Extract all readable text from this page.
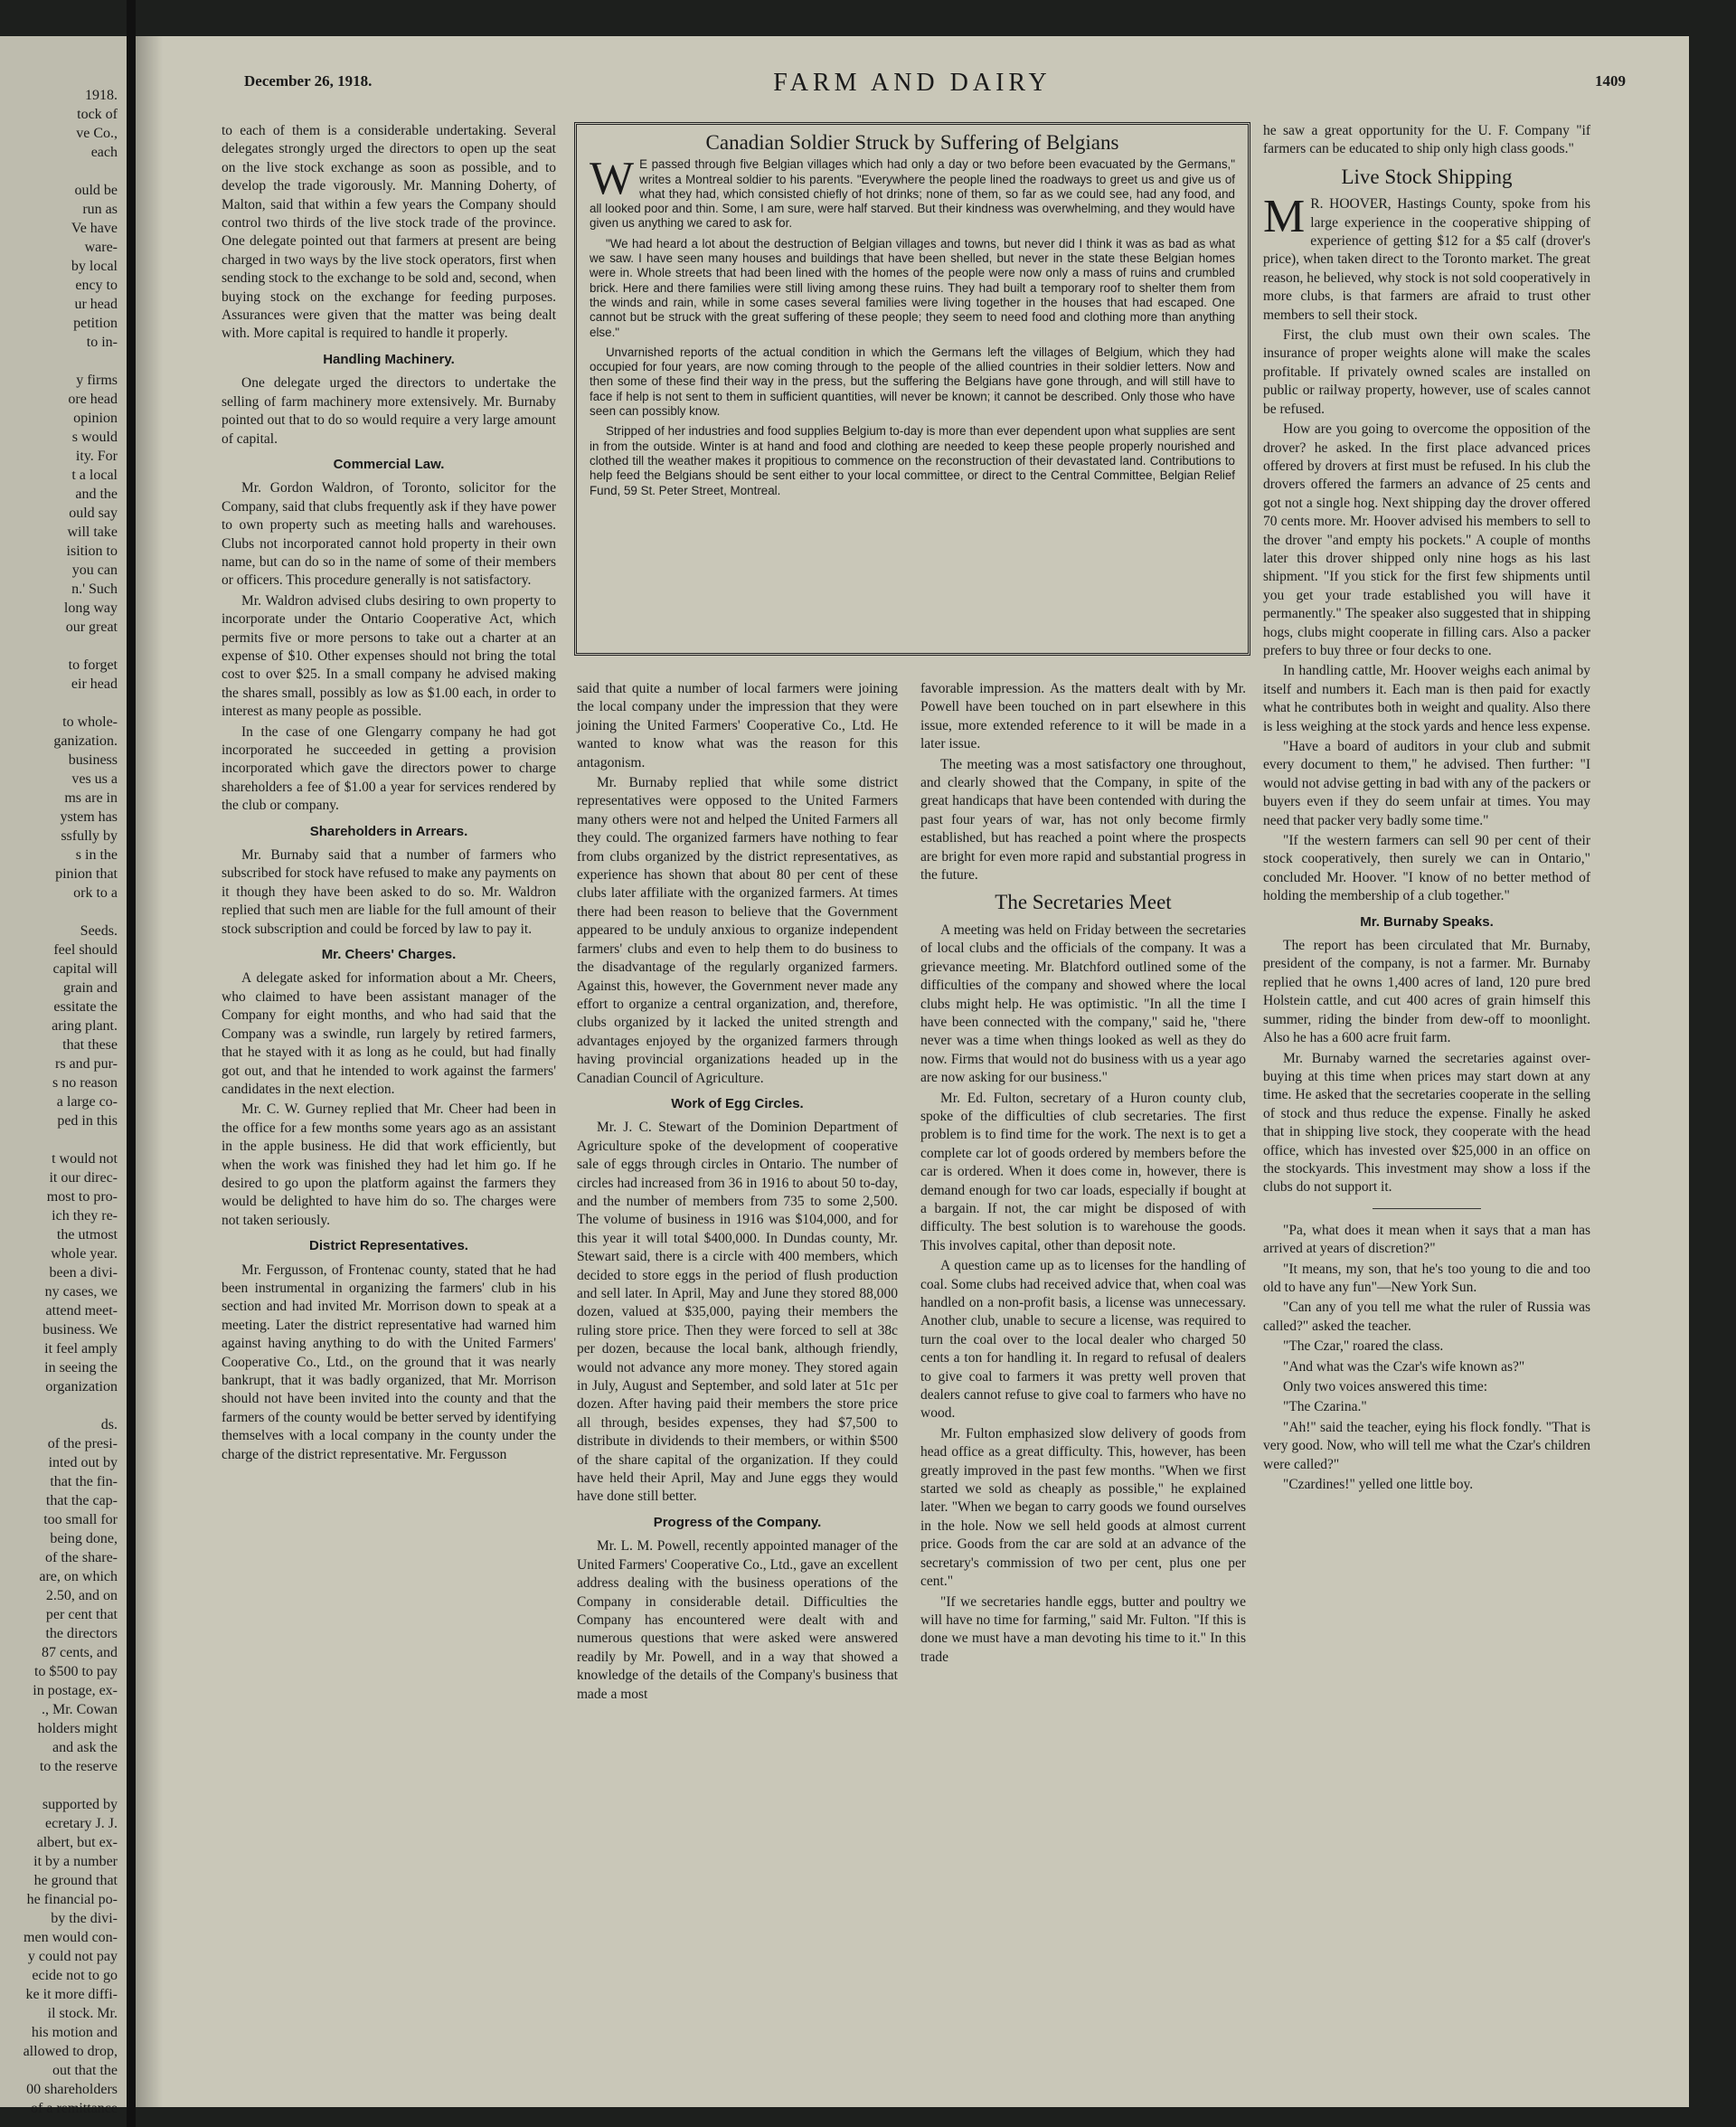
1918.
tock of
ve Co.,
each

ould be
run as
Ve have
ware-
by local
ency to
ur head
petition
to in-

y firms
ore head
opinion
s would
ity. For
t a local
and the
ould say
will take
isition to
you can
n.' Such
long way
our great

to forget
eir head

to whole-
ganization.
business
ves us a
ms are in
ystem has
ssfully by
s in the
pinion that
ork to a

Seeds.
feel should
capital will
grain and
essitate the
aring plant.
that these
rs and pur-
s no reason
a large co-
ped in this

t would not
it our direc-
most to pro-
ich they re-
the utmost
whole year.
been a divi-
ny cases, we
attend meet-
business. We
it feel amply
in seeing the
organization

ds.
of the presi-
inted out by
that the fin-
that the cap-
too small for
being done,
of the share-
are, on which
2.50, and on
per cent that
the directors
87 cents, and
to $500 to pay
in postage, ex-
., Mr. Cowan
holders might
and ask the
to the reserve

supported by
ecretary J. J.
albert, but ex-
it by a number
he ground that
he financial po-
by the divi-
men would con-
y could not pay
ecide not to go
ke it more diffi-
il stock. Mr.
his motion and
allowed to drop,
out that the
00 shareholders
of a remittance
December 26, 1918.	FARM AND DAIRY	1409

to each of them is a considerable undertaking. Several delegates strongly urged the directors to open up the seat on the live stock exchange as soon as possible, and to develop the trade vigorously. Mr. Manning Doherty, of Malton, said that within a few years the Company should control two thirds of the live stock trade of the province. One delegate pointed out that farmers at present are being charged in two ways by the live stock operators, first when sending stock to the exchange to be sold and, second, when buying stock on the exchange for feeding purposes. Assurances were given that the matter was being dealt with. More capital is required to handle it properly.

Handling Machinery.

One delegate urged the directors to undertake the selling of farm machinery more extensively. Mr. Burnaby pointed out that to do so would require a very large amount of capital.

Commercial Law.

Mr. Gordon Waldron, of Toronto, solicitor for the Company, said that clubs frequently ask if they have power to own property such as meeting halls and warehouses. Clubs not incorporated cannot hold property in their own name, but can do so in the name of some of their members or officers. This procedure generally is not satisfactory.

Mr. Waldron advised clubs desiring to own property to incorporate under the Ontario Cooperative Act, which permits five or more persons to take out a charter at an expense of $10. Other expenses should not bring the total cost to over $25. In a small company he advised making the shares small, possibly as low as $1.00 each, in order to interest as many people as possible.

In the case of one Glengarry company he had got incorporated he succeeded in getting a provision incorporated which gave the directors power to charge shareholders a fee of $1.00 a year for services rendered by the club or company.

Shareholders in Arrears.

Mr. Burnaby said that a number of farmers who subscribed for stock have refused to make any payments on it though they have been asked to do so. Mr. Waldron replied that such men are liable for the full amount of their stock subscription and could be forced by law to pay it.

Mr. Cheers' Charges.

A delegate asked for information about a Mr. Cheers, who claimed to have been assistant manager of the Company for eight months, and who had said that the Company was a swindle, run largely by retired farmers, that he stayed with it as long as he could, but had finally got out, and that he intended to work against the farmers' candidates in the next election.

Mr. C. W. Gurney replied that Mr. Cheer had been in the office for a few months some years ago as an assistant in the apple business. He did that work efficiently, but when the work was finished they had let him go. If he desired to go upon the platform against the farmers they would be delighted to have him do so. The charges were not taken seriously.

District Representatives.

Mr. Fergusson, of Frontenac county, stated that he had been instrumental in organizing the farmers' club in his section and had invited Mr. Morrison down to speak at a meeting. Later the district representative had warned him against having anything to do with the United Farmers' Cooperative Co., Ltd., on the ground that it was nearly bankrupt, that it was badly organized, that Mr. Morrison should not have been invited into the county and that the farmers of the county would be better served by identifying themselves with a local company in the county under the charge of the district representative. Mr. Fergusson

Canadian Soldier Struck by Suffering of Belgians

W E passed through five Belgian villages which had only a day or two before been evacuated by the Germans," writes a Montreal soldier to his parents. "Everywhere the people lined the roadways to greet us and give us of what they had, which consisted chiefly of hot drinks; none of them, so far as we could see, had any food, and all looked poor and thin. Some, I am sure, were half starved. But their kindness was overwhelming, and they would have given us anything we cared to ask for.

"We had heard a lot about the destruction of Belgian villages and towns, but never did I think it was as bad as what we saw. I have seen many houses and buildings that have been shelled, but never in the state these Belgian homes were in. Whole streets that had been lined with the homes of the people were now only a mass of ruins and crumbled brick. Here and there families were still living among these ruins. They had built a temporary roof to shelter them from the winds and rain, while in some cases several families were living together in the houses that had escaped. One cannot but be struck with the great suffering of these people; they seem to need food and clothing more than anything else."

Unvarnished reports of the actual condition in which the Germans left the villages of Belgium, which they had occupied for four years, are now coming through to the people of the allied countries in their soldier letters. Now and then some of these find their way in the press, but the suffering the Belgians have gone through, and will still have to face if help is not sent to them in sufficient quantities, will never be known; it cannot be described. Only those who have seen can possibly know.

Stripped of her industries and food supplies Belgium to-day is more than ever dependent upon what supplies are sent in from the outside. Winter is at hand and food and clothing are needed to keep these people properly nourished and clothed till the weather makes it propitious to commence on the reconstruction of their devastated land. Contributions to help feed the Belgians should be sent either to your local committee, or direct to the Central Committee, Belgian Relief Fund, 59 St. Peter Street, Montreal.

said that quite a number of local farmers were joining the local company under the impression that they were joining the United Farmers' Cooperative Co., Ltd. He wanted to know what was the reason for this antagonism.

Mr. Burnaby replied that while some district representatives were opposed to the United Farmers many others were not and helped the United Farmers all they could. The organized farmers have nothing to fear from clubs organized by the district representatives, as experience has shown that about 80 per cent of these clubs later affiliate with the organized farmers. At times there had been reason to believe that the Government appeared to be unduly anxious to organize independent farmers' clubs and even to help them to do business to the disadvantage of the regularly organized farmers. Against this, however, the Government never made any effort to organize a central organization, and, therefore, clubs organized by it lacked the united strength and advantages enjoyed by the organized farmers through having provincial organizations headed up in the Canadian Council of Agriculture.

Work of Egg Circles.

Mr. J. C. Stewart of the Dominion Department of Agriculture spoke of the development of cooperative sale of eggs through circles in Ontario. The number of circles had increased from 36 in 1916 to about 50 to-day, and the number of members from 735 to some 2,500. The volume of business in 1916 was $104,000, and for this year it will total $400,000. In Dundas county, Mr. Stewart said, there is a circle with 400 members, which decided to store eggs in the period of flush production and sell later. In April, May and June they stored 88,000 dozen, valued at $35,000, paying their members the ruling store price. Then they were forced to sell at 38c per dozen, because the local bank, although friendly, would not advance any more money. They stored again in July, August and September, and sold later at 51c per dozen. After having paid their members the store price all through, besides expenses, they had $7,500 to distribute in dividends to their members, or within $500 of the share capital of the organization. If they could have held their April, May and June eggs they would have done still better.

Progress of the Company.

Mr. L. M. Powell, recently appointed manager of the United Farmers' Cooperative Co., Ltd., gave an excellent address dealing with the business operations of the Company in considerable detail. Difficulties the Company has encountered were dealt with and numerous questions that were asked were answered readily by Mr. Powell, and in a way that showed a knowledge of the details of the Company's business that made a most

favorable impression. As the matters dealt with by Mr. Powell have been touched on in part elsewhere in this issue, more extended reference to it will be made in a later issue.

The meeting was a most satisfactory one throughout, and clearly showed that the Company, in spite of the great handicaps that have been contended with during the past four years of war, has not only become firmly established, but has reached a point where the prospects are bright for even more rapid and substantial progress in the future.

The Secretaries Meet

A meeting was held on Friday between the secretaries of local clubs and the officials of the company. It was a grievance meeting. Mr. Blatchford outlined some of the difficulties of the company and showed where the local clubs might help. He was optimistic. "In all the time I have been connected with the company," said he, "there never was a time when things looked as well as they do now. Firms that would not do business with us a year ago are now asking for our business."

Mr. Ed. Fulton, secretary of a Huron county club, spoke of the difficulties of club secretaries. The first problem is to find time for the work. The next is to get a complete car lot of goods ordered by members before the car is ordered. When it does come in, however, there is demand enough for two car loads, especially if bought at a bargain. If not, the car might be disposed of with difficulty. The best solution is to warehouse the goods. This involves capital, other than deposit note.

A question came up as to licenses for the handling of coal. Some clubs had received advice that, when coal was handled on a non-profit basis, a license was unnecessary. Another club, unable to secure a license, was required to turn the coal over to the local dealer who charged 50 cents a ton for handling it. In regard to refusal of dealers to give coal to farmers it was pretty well proven that dealers cannot refuse to give coal to farmers who have no wood.

Mr. Fulton emphasized slow delivery of goods from head office as a great difficulty. This, however, has been greatly improved in the past few months. "When we first started we sold as cheaply as possible," he explained later. "When we began to carry goods we found ourselves in the hole. Now we sell held goods at almost current price. Goods from the car are sold at an advance of the secretary's commission of two per cent, plus one per cent."

"If we secretaries handle eggs, butter and poultry we will have no time for farming," said Mr. Fulton. "If this is done we must have a man devoting his time to it." In this trade

he saw a great opportunity for the U. F. Company "if farmers can be educated to ship only high class goods."

Live Stock Shipping

M R. HOOVER, Hastings County, spoke from his large experience in the cooperative shipping of experience of getting $12 for a $5 calf (drover's price), when taken direct to the Toronto market. The great reason, he believed, why stock is not sold cooperatively in more clubs, is that farmers are afraid to trust other members to sell their stock.

First, the club must own their own scales. The insurance of proper weights alone will make the scales profitable. If privately owned scales are installed on public or railway property, however, use of scales cannot be refused.

How are you going to overcome the opposition of the drover? he asked. In the first place advanced prices offered by drovers at first must be refused. In his club the drovers offered the farmers an advance of 25 cents and got not a single hog. Next shipping day the drover offered 70 cents more. Mr. Hoover advised his members to sell to the drover "and empty his pockets." A couple of months later this drover shipped only nine hogs as his last shipment. "If you stick for the first few shipments until you get your trade established you will have it permanently." The speaker also suggested that in shipping hogs, clubs might cooperate in filling cars. Also a packer prefers to buy three or four decks to one.

In handling cattle, Mr. Hoover weighs each animal by itself and numbers it. Each man is then paid for exactly what he contributes both in weight and quality. Also there is less weighing at the stock yards and hence less expense.

"Have a board of auditors in your club and submit every document to them," he advised. Then further: "I would not advise getting in bad with any of the packers or buyers even if they do seem unfair at times. You may need that packer very badly some time."

"If the western farmers can sell 90 per cent of their stock cooperatively, then surely we can in Ontario," concluded Mr. Hoover. "I know of no better method of holding the membership of a club together."

Mr. Burnaby Speaks.

The report has been circulated that Mr. Burnaby, president of the company, is not a farmer. Mr. Burnaby replied that he owns 1,400 acres of land, 120 pure bred Holstein cattle, and cut 400 acres of grain himself this summer, riding the binder from dew-off to moonlight. Also he has a 600 acre fruit farm.

Mr. Burnaby warned the secretaries against over-buying at this time when prices may start down at any time. He asked that the secretaries cooperate in the selling of stock and thus reduce the expense. Finally he asked that in shipping live stock, they cooperate with the head office, which has invested over $25,000 in an office on the stockyards. This investment may show a loss if the clubs do not support it.

"Pa, what does it mean when it says that a man has arrived at years of discretion?"

"It means, my son, that he's too young to die and too old to have any fun"—New York Sun.

"Can any of you tell me what the ruler of Russia was called?" asked the teacher.

"The Czar," roared the class.

"And what was the Czar's wife known as?"

Only two voices answered this time:

"The Czarina."

"Ah!" said the teacher, eying his flock fondly. "That is very good. Now, who will tell me what the Czar's children were called?"

"Czardines!" yelled one little boy.
